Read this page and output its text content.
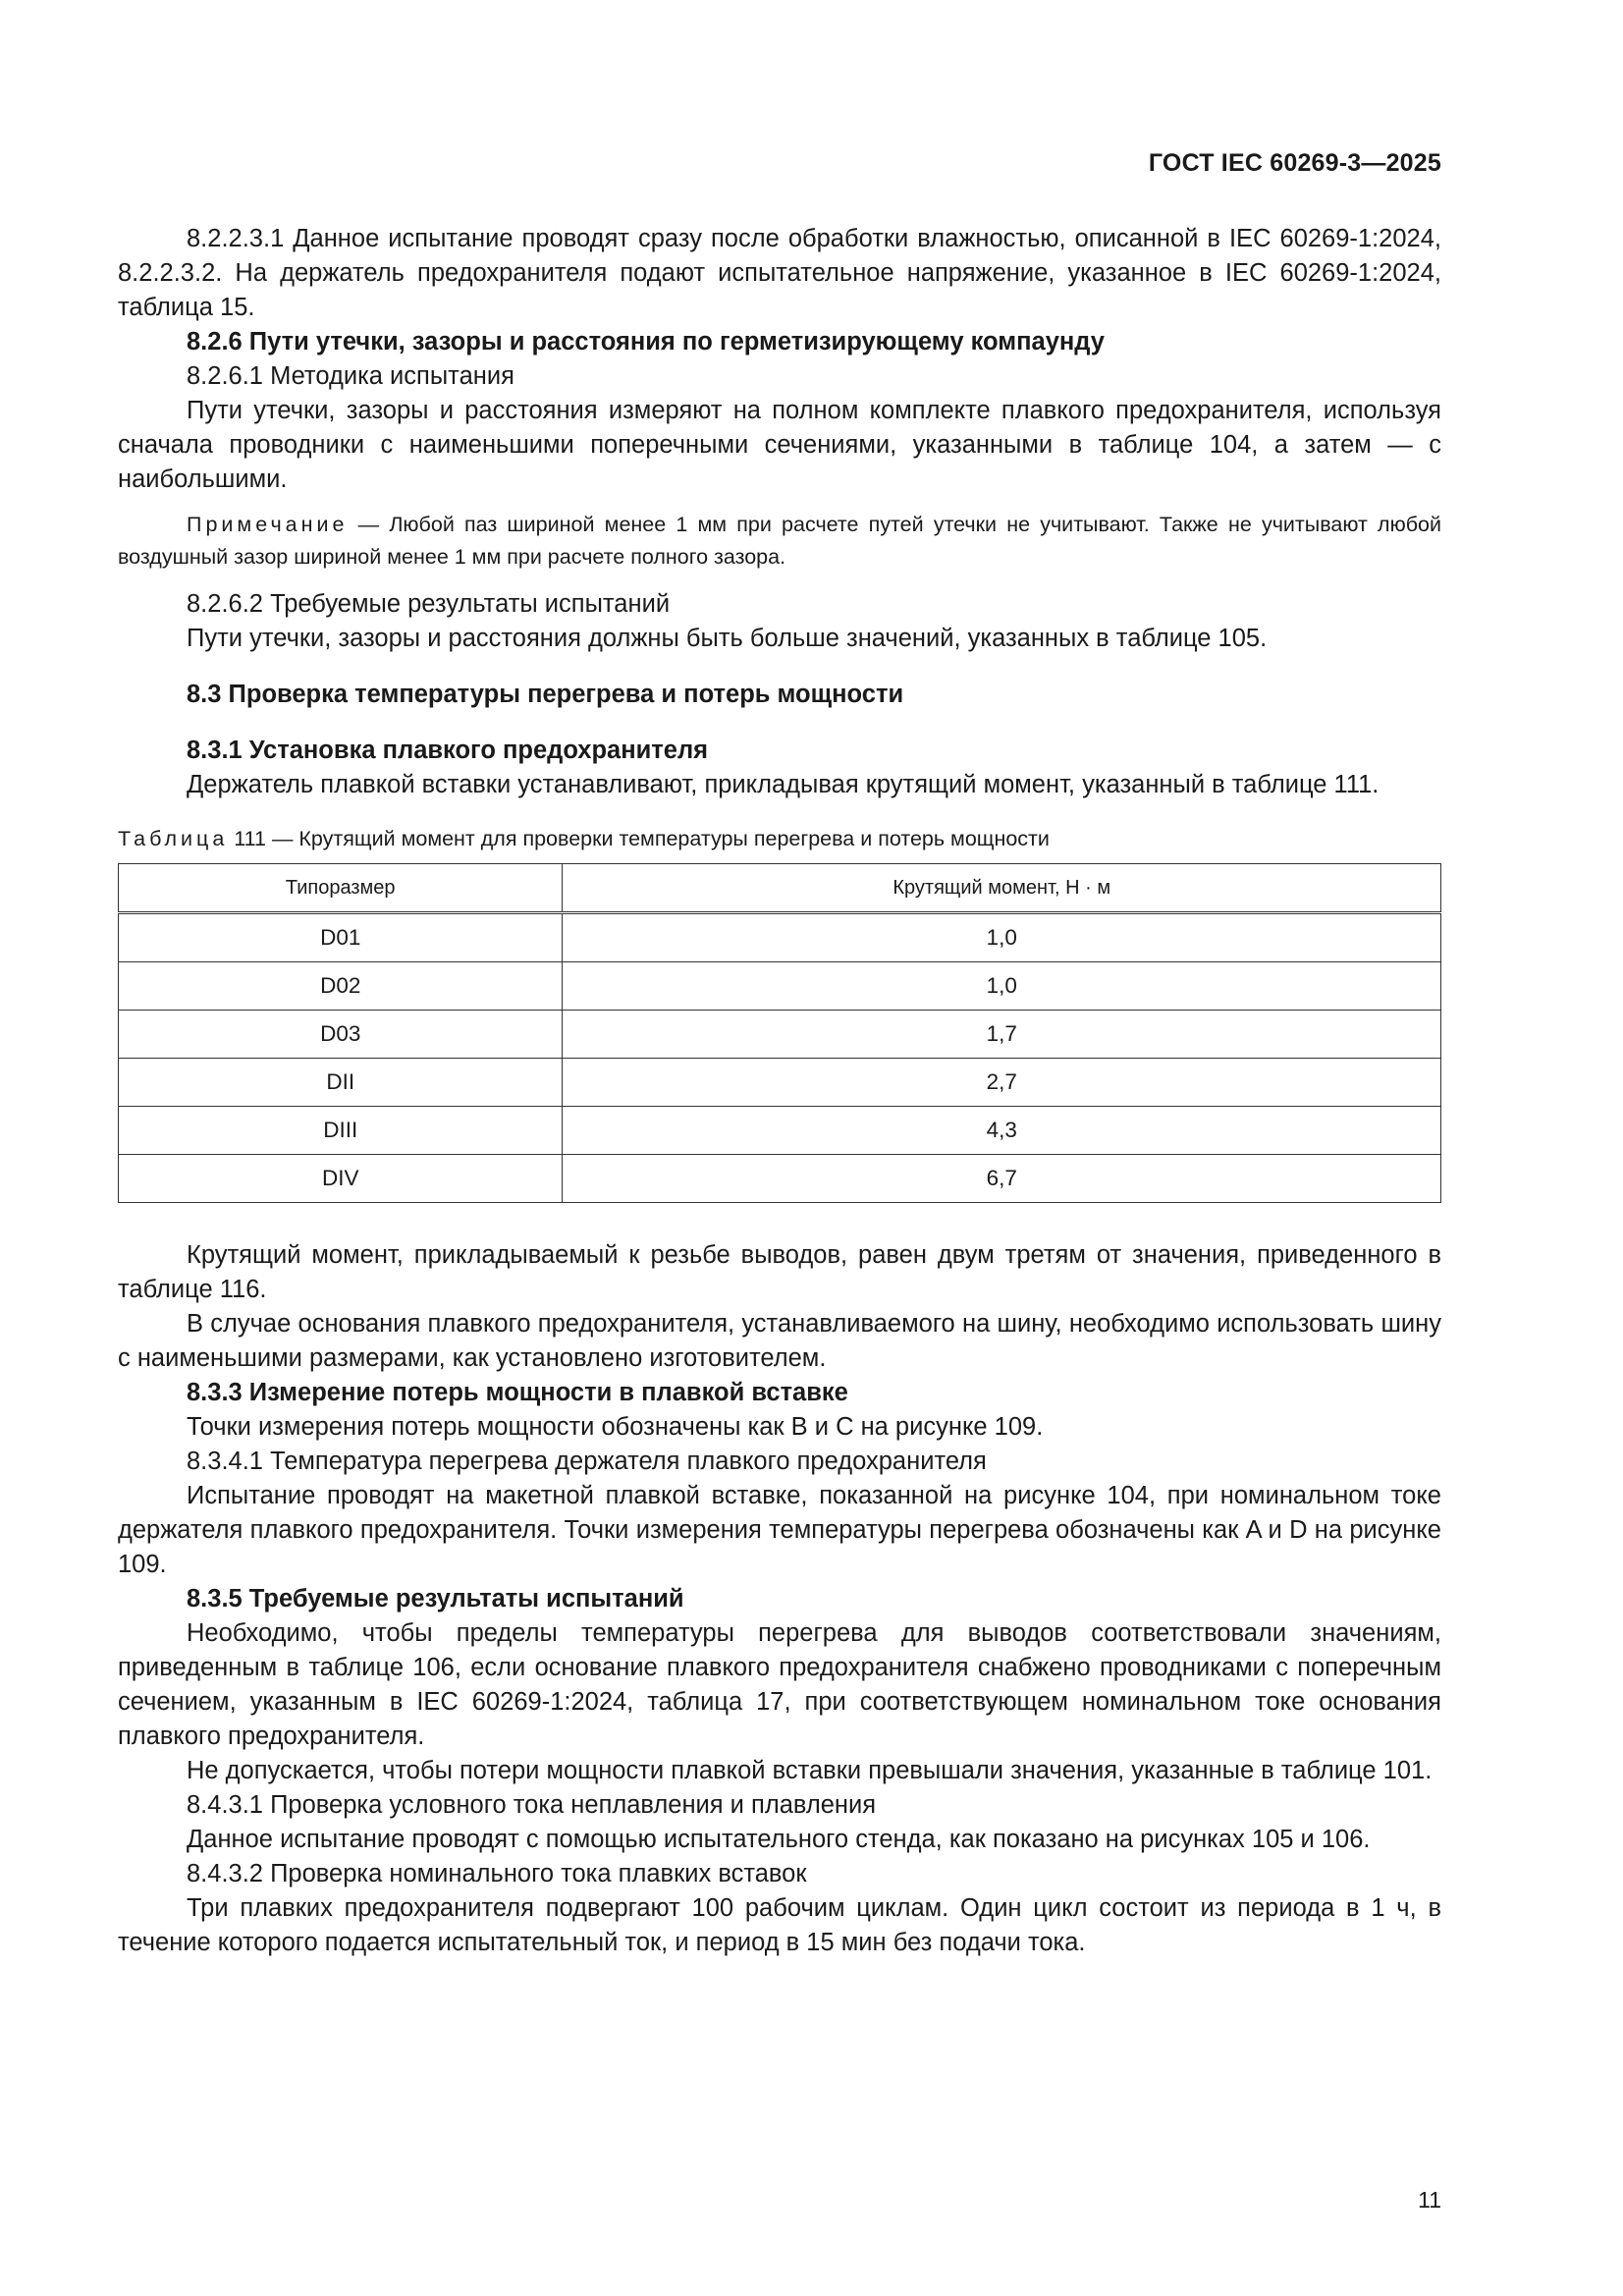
ГОСТ IEC 60269-3—2025

8.2.2.3.1 Данное испытание проводят сразу после обработки влажностью, описанной в IEC 60269-1:2024, 8.2.2.3.2. На держатель предохранителя подают испытательное напряжение, указанное в IEC 60269-1:2024, таблица 15.

8.2.6 Пути утечки, зазоры и расстояния по герметизирующему компаунду

8.2.6.1 Методика испытания

Пути утечки, зазоры и расстояния измеряют на полном комплекте плавкого предохранителя, используя сначала проводники с наименьшими поперечными сечениями, указанными в таблице 104, а затем — с наибольшими.

Примечание — Любой паз шириной менее 1 мм при расчете путей утечки не учитывают. Также не учитывают любой воздушный зазор шириной менее 1 мм при расчете полного зазора.

8.2.6.2 Требуемые результаты испытаний

Пути утечки, зазоры и расстояния должны быть больше значений, указанных в таблице 105.

8.3 Проверка температуры перегрева и потерь мощности

8.3.1 Установка плавкого предохранителя

Держатель плавкой вставки устанавливают, прикладывая крутящий момент, указанный в таблице 111.

Таблица 111 — Крутящий момент для проверки температуры перегрева и потерь мощности

Типоразмер	Крутящий момент, Н · м
D01	1,0
D02	1,0
D03	1,7
DII	2,7
DIII	4,3
DIV	6,7

Крутящий момент, прикладываемый к резьбе выводов, равен двум третям от значения, приведенного в таблице 116.

В случае основания плавкого предохранителя, устанавливаемого на шину, необходимо использовать шину с наименьшими размерами, как установлено изготовителем.

8.3.3 Измерение потерь мощности в плавкой вставке

Точки измерения потерь мощности обозначены как B и C на рисунке 109.

8.3.4.1 Температура перегрева держателя плавкого предохранителя

Испытание проводят на макетной плавкой вставке, показанной на рисунке 104, при номинальном токе держателя плавкого предохранителя. Точки измерения температуры перегрева обозначены как A и D на рисунке 109.

8.3.5 Требуемые результаты испытаний

Необходимо, чтобы пределы температуры перегрева для выводов соответствовали значениям, приведенным в таблице 106, если основание плавкого предохранителя снабжено проводниками с поперечным сечением, указанным в IEC 60269-1:2024, таблица 17, при соответствующем номинальном токе основания плавкого предохранителя.

Не допускается, чтобы потери мощности плавкой вставки превышали значения, указанные в таблице 101.

8.4.3.1 Проверка условного тока неплавления и плавления

Данное испытание проводят с помощью испытательного стенда, как показано на рисунках 105 и 106.

8.4.3.2 Проверка номинального тока плавких вставок

Три плавких предохранителя подвергают 100 рабочим циклам. Один цикл состоит из периода в 1 ч, в течение которого подается испытательный ток, и период в 15 мин без подачи тока.

11
